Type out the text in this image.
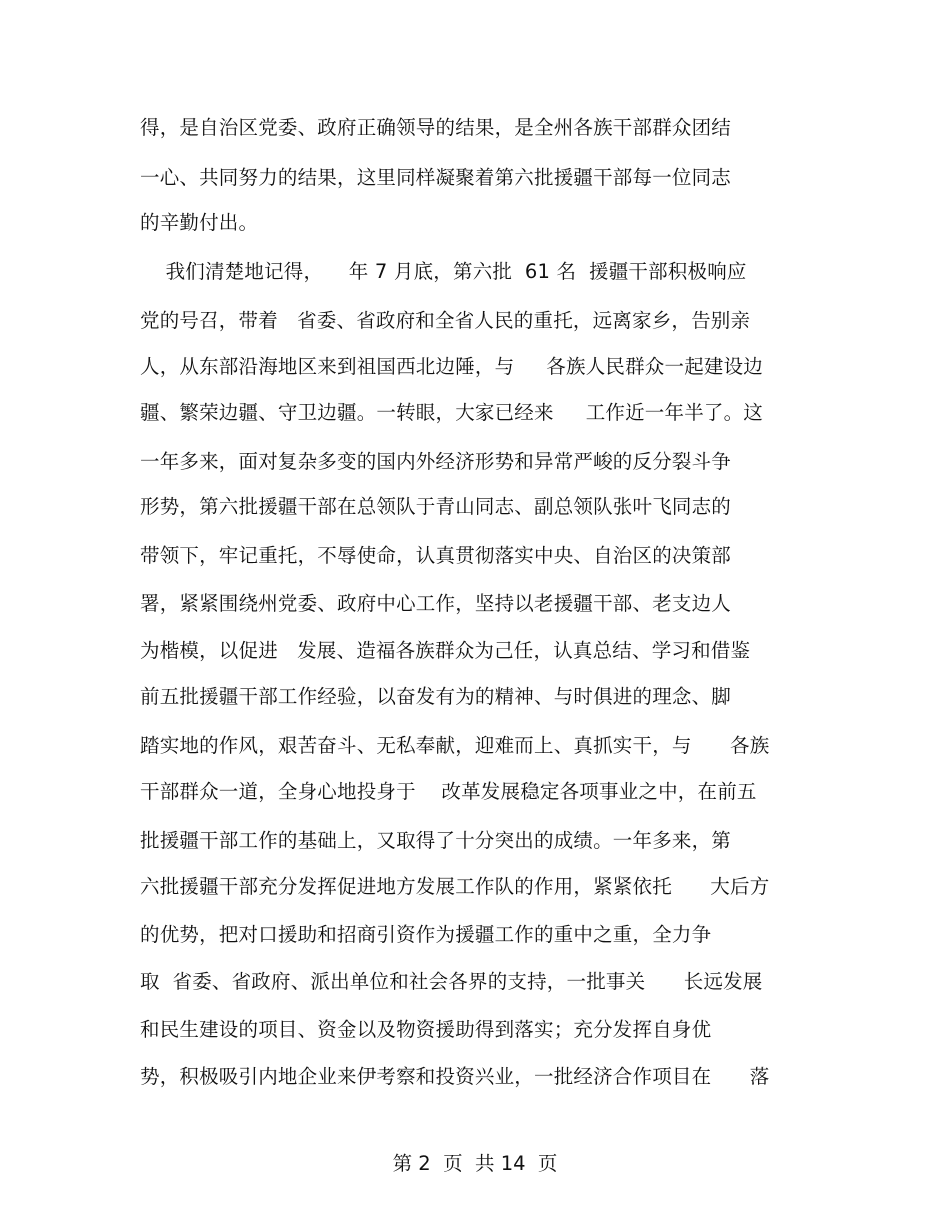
得，是自治区党委、政府正确领导的结果，是全州各族干部群众团结
一心、共同努力的结果，这里同样凝聚着第六批援疆干部每一位同志
的辛勤付出。
我们清楚地记得，    年 7 月底，第六批  61 名  援疆干部积极响应
党的号召，带着   省委、省政府和全省人民的重托，远离家乡，告别亲
人，从东部沿海地区来到祖国西北边陲，与     各族人民群众一起建设边
疆、繁荣边疆、守卫边疆。一转眼，大家已经来     工作近一年半了。这
一年多来，面对复杂多变的国内外经济形势和异常严峻的反分裂斗争
形势，第六批援疆干部在总领队于青山同志、副总领队张叶飞同志的
带领下，牢记重托，不辱使命，认真贯彻落实中央、自治区的决策部
署，紧紧围绕州党委、政府中心工作，坚持以老援疆干部、老支边人
为楷模，以促进   发展、造福各族群众为己任，认真总结、学习和借鉴
前五批援疆干部工作经验，以奋发有为的精神、与时俱进的理念、脚
踏实地的作风，艰苦奋斗、无私奉献，迎难而上、真抓实干，与      各族
干部群众一道，全身心地投身于    改革发展稳定各项事业之中，在前五
批援疆干部工作的基础上，又取得了十分突出的成绩。一年多来，第
六批援疆干部充分发挥促进地方发展工作队的作用，紧紧依托      大后方
的优势，把对口援助和招商引资作为援疆工作的重中之重，全力争
取  省委、省政府、派出单位和社会各界的支持，一批事关      长远发展
和民生建设的项目、资金以及物资援助得到落实；充分发挥自身优
势，积极吸引内地企业来伊考察和投资兴业，一批经济合作项目在      落
第 2  页  共 14  页
